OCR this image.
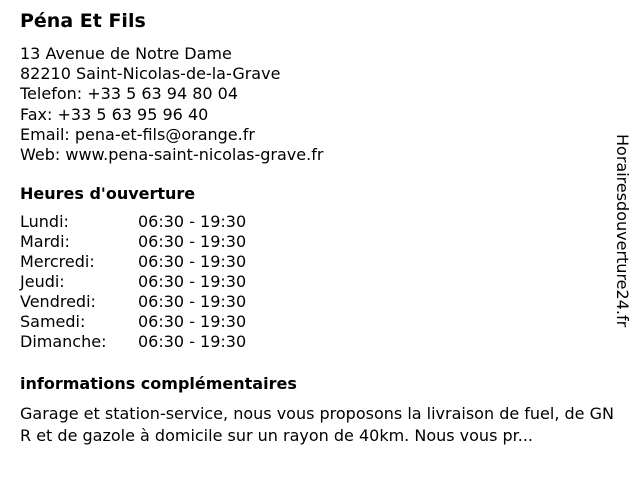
Péna Et Fils
13 Avenue de Notre Dame
82210 Saint-Nicolas-de-la-Grave
Telefon: +33 5 63 94 80 04
Fax: +33 5 63 95 96 40
Email: pena-et-fils@orange.fr
Web: www.pena-saint-nicolas-grave.fr
Heures d'ouverture
Lundi:	06:30 - 19:30
Mardi:	06:30 - 19:30
Mercredi:	06:30 - 19:30
Jeudi:	06:30 - 19:30
Vendredi:	06:30 - 19:30
Samedi:	06:30 - 19:30
Dimanche: 06:30 - 19:30
informations complémentaires
Garage et station-service, nous vous proposons la livraison de fuel, de GNR et de gazole à domicile sur un rayon de 40km. Nous vous pr...
Horairesdouverture24.fr
